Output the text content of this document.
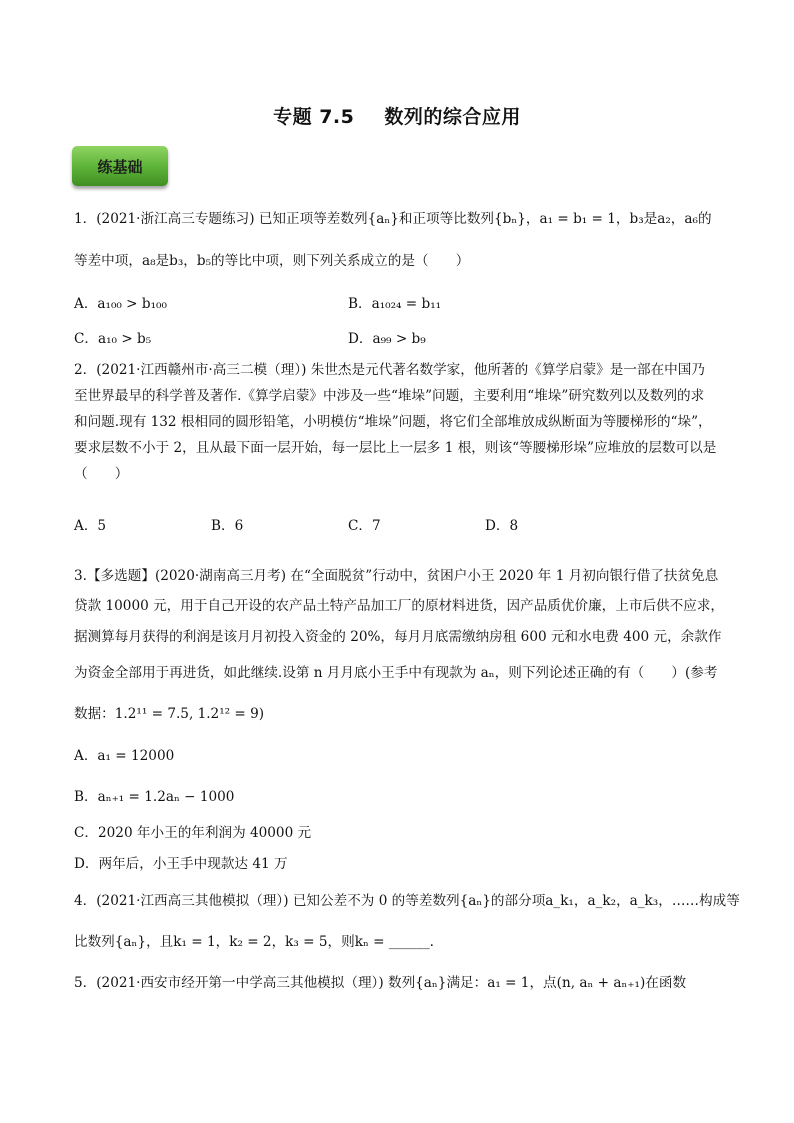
专题 7.5 数列的综合应用
练基础
1．(2021·浙江高三专题练习) 已知正项等差数列{aₙ}和正项等比数列{bₙ}，a₁ = b₁ = 1，b₃是a₂，a₆的
等差中项，a₈是b₃，b₅的等比中项，则下列关系成立的是（　　）
A．a₁₀₀ > b₁₀₀	B．a₁₀₂₄ = b₁₁
C．a₁₀ > b₅	D．a₉₉ > b₉
2．(2021·江西赣州市·高三二模（理）) 朱世杰是元代著名数学家，他所著的《算学启蒙》是一部在中国乃
至世界最早的科学普及著作.《算学启蒙》中涉及一些“堆垛”问题，主要利用“堆垛”研究数列以及数列的求
和问题.现有 132 根相同的圆形铅笔，小明模仿“堆垛”问题，将它们全部堆放成纵断面为等腰梯形的“垛”，
要求层数不小于 2，且从最下面一层开始，每一层比上一层多 1 根，则该“等腰梯形垛”应堆放的层数可以是
（　　）
A．5	B．6	C．7	D．8
3.【多选题】(2020·湖南高三月考) 在“全面脱贫”行动中，贫困户小王 2020 年 1 月初向银行借了扶贫免息
贷款 10000 元，用于自己开设的农产品土特产品加工厂的原材料进货，因产品质优价廉，上市后供不应求，
据测算每月获得的利润是该月月初投入资金的 20%，每月月底需缴纳房租 600 元和水电费 400 元，余款作
为资金全部用于再进货，如此继续.设第 n 月月底小王手中有现款为 aₙ，则下列论述正确的有（　　）(参考
数据：1.2¹¹ = 7.5, 1.2¹² = 9)
A．a₁ = 12000
B．aₙ₊₁ = 1.2aₙ − 1000
C．2020 年小王的年利润为 40000 元
D．两年后，小王手中现款达 41 万
4．(2021·江西高三其他模拟（理）) 已知公差不为 0 的等差数列{aₙ}的部分项a_k₁，a_k₂，a_k₃，……构成等
比数列{aₙ}，且k₁ = 1，k₂ = 2，k₃ = 5，则kₙ = ______.
5．(2021·西安市经开第一中学高三其他模拟（理）) 数列{aₙ}满足：a₁ = 1，点(n, aₙ + aₙ₊₁)在函数
